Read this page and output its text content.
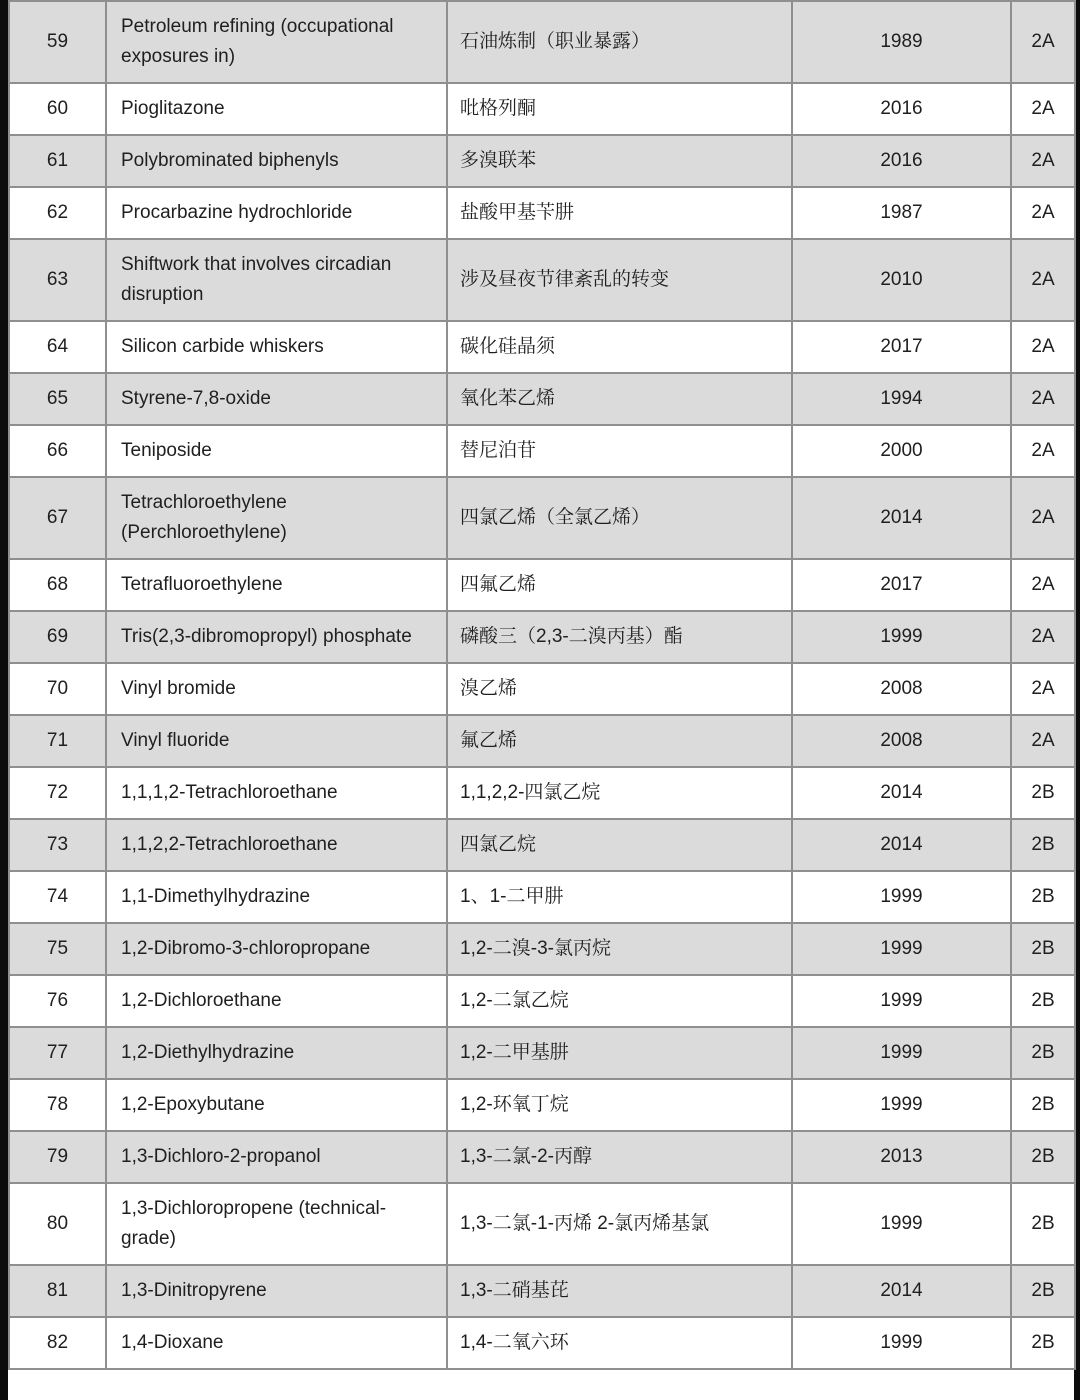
59	Petroleum refining (occupational exposures in)	石油炼制（职业暴露）	1989	2A
60	Pioglitazone	吡格列酮	2016	2A
61	Polybrominated biphenyls	多溴联苯	2016	2A
62	Procarbazine hydrochloride	盐酸甲基苄肼	1987	2A
63	Shiftwork that involves circadian disruption	涉及昼夜节律紊乱的转变	2010	2A
64	Silicon carbide whiskers	碳化硅晶须	2017	2A
65	Styrene-7,8-oxide	氧化苯乙烯	1994	2A
66	Teniposide	替尼泊苷	2000	2A
67	Tetrachloroethylene (Perchloroethylene)	四氯乙烯（全氯乙烯）	2014	2A
68	Tetrafluoroethylene	四氟乙烯	2017	2A
69	Tris(2,3-dibromopropyl) phosphate	磷酸三（2,3-二溴丙基）酯	1999	2A
70	Vinyl bromide	溴乙烯	2008	2A
71	Vinyl fluoride	氟乙烯	2008	2A
72	1,1,1,2-Tetrachloroethane	1,1,2,2-四氯乙烷	2014	2B
73	1,1,2,2-Tetrachloroethane	四氯乙烷	2014	2B
74	1,1-Dimethylhydrazine	1、1-二甲肼	1999	2B
75	1,2-Dibromo-3-chloropropane	1,2-二溴-3-氯丙烷	1999	2B
76	1,2-Dichloroethane	1,2-二氯乙烷	1999	2B
77	1,2-Diethylhydrazine	1,2-二甲基肼	1999	2B
78	1,2-Epoxybutane	1,2-环氧丁烷	1999	2B
79	1,3-Dichloro-2-propanol	1,3-二氯-2-丙醇	2013	2B
80	1,3-Dichloropropene (technical-grade)	1,3-二氯-1-丙烯 2-氯丙烯基氯	1999	2B
81	1,3-Dinitropyrene	1,3-二硝基芘	2014	2B
82	1,4-Dioxane	1,4-二氧六环	1999	2B
